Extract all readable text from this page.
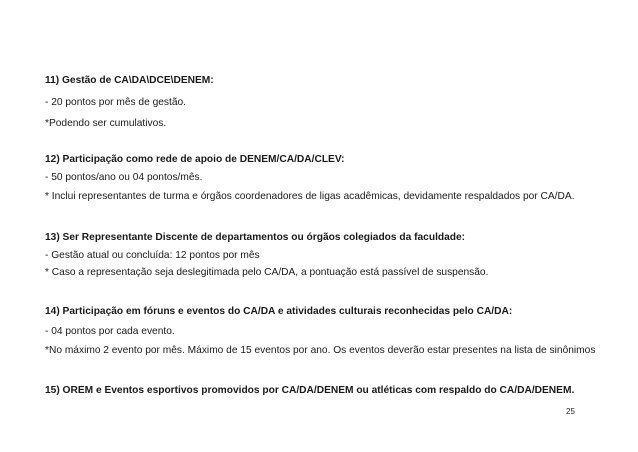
11) Gestão de CA\DA\DCE\DENEM:
- 20 pontos por mês de gestão.
*Podendo ser cumulativos.
12) Participação como rede de apoio de DENEM/CA/DA/CLEV:
- 50 pontos/ano ou 04 pontos/mês.
* Inclui representantes de turma e órgãos coordenadores de ligas acadêmicas, devidamente respaldados por CA/DA.
13) Ser Representante Discente de departamentos ou órgãos colegiados da faculdade:
- Gestão atual ou concluída: 12 pontos por mês
* Caso a representação seja deslegitimada pelo CA/DA, a pontuação está passível de suspensão.
14) Participação em fóruns e eventos do CA/DA e atividades culturais reconhecidas pelo CA/DA:
- 04 pontos por cada evento.
*No máximo 2 evento por mês. Máximo de 15 eventos por ano. Os eventos deverão estar presentes na lista de sinônimos
15) OREM e Eventos esportivos promovidos por CA/DA/DENEM ou atléticas com respaldo do CA/DA/DENEM.
25
